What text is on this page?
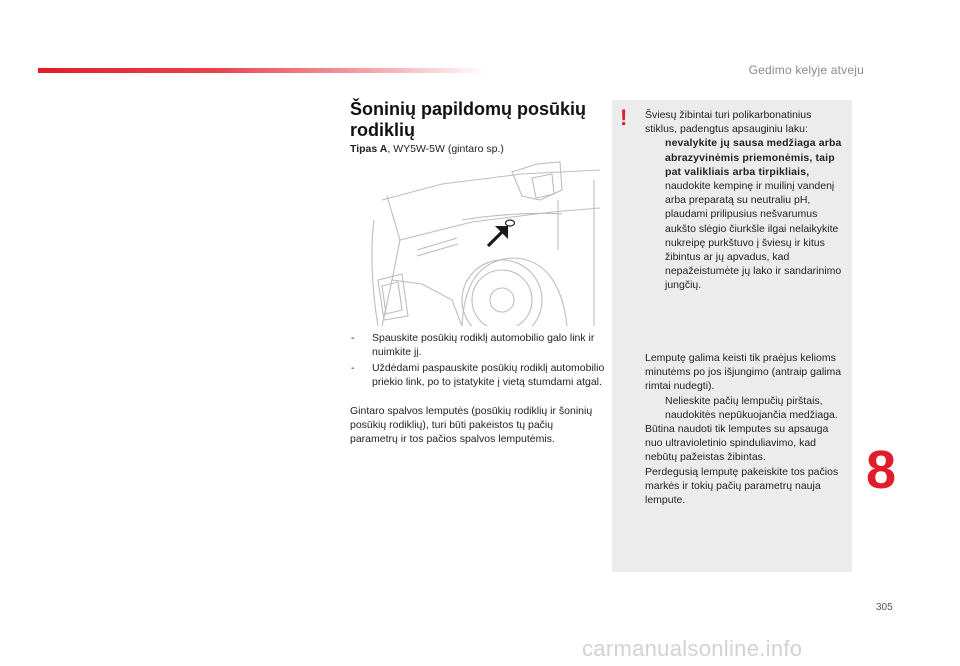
Gedimo kelyje atveju
Šoninių papildomų posūkių rodiklių
Tipas A, WY5W-5W (gintaro sp.)
- Spauskite posūkių rodiklį automobilio galo link ir nuimkite jį.
- Uždėdami paspauskite posūkių rodiklį automobilio priekio link, po to įstatykite į vietą stumdami atgal.
Gintaro spalvos lemputės (posūkių rodiklių ir šoninių posūkių rodiklių), turi būti pakeistos tų pačių parametrų ir tos pačios spalvos lemputėmis.
! Šviesų žibintai turi polikarbonatinius stiklus, padengtus apsauginiu laku:
nevalykite jų sausa medžiaga arba abrazyvinėmis priemonėmis, taip pat valikliais arba tirpikliais,
naudokite kempinę ir muilinį vandenį arba preparatą su neutraliu pH,
plaudami prilipusius nešvarumus aukšto slėgio čiurkšle ilgai nelaikykite nukreipę purkštuvo į šviesų ir kitus žibintus ar jų apvadus, kad nepažeistumėte jų lako ir sandarinimo jungčių.
Lemputę galima keisti tik praėjus kelioms minutėms po jos išjungimo (antraip galima rimtai nudegti).
Nelieskite pačių lempučių pirštais, naudokitės nepūkuojančia medžiaga.
Būtina naudoti tik lemputes su apsauga nuo ultravioletinio spinduliavimo, kad nebūtų pažeistas žibintas.
Perdegusią lemputę pakeiskite tos pačios markės ir tokių pačių parametrų nauja lempute.
8
305
carmanualsonline.info
